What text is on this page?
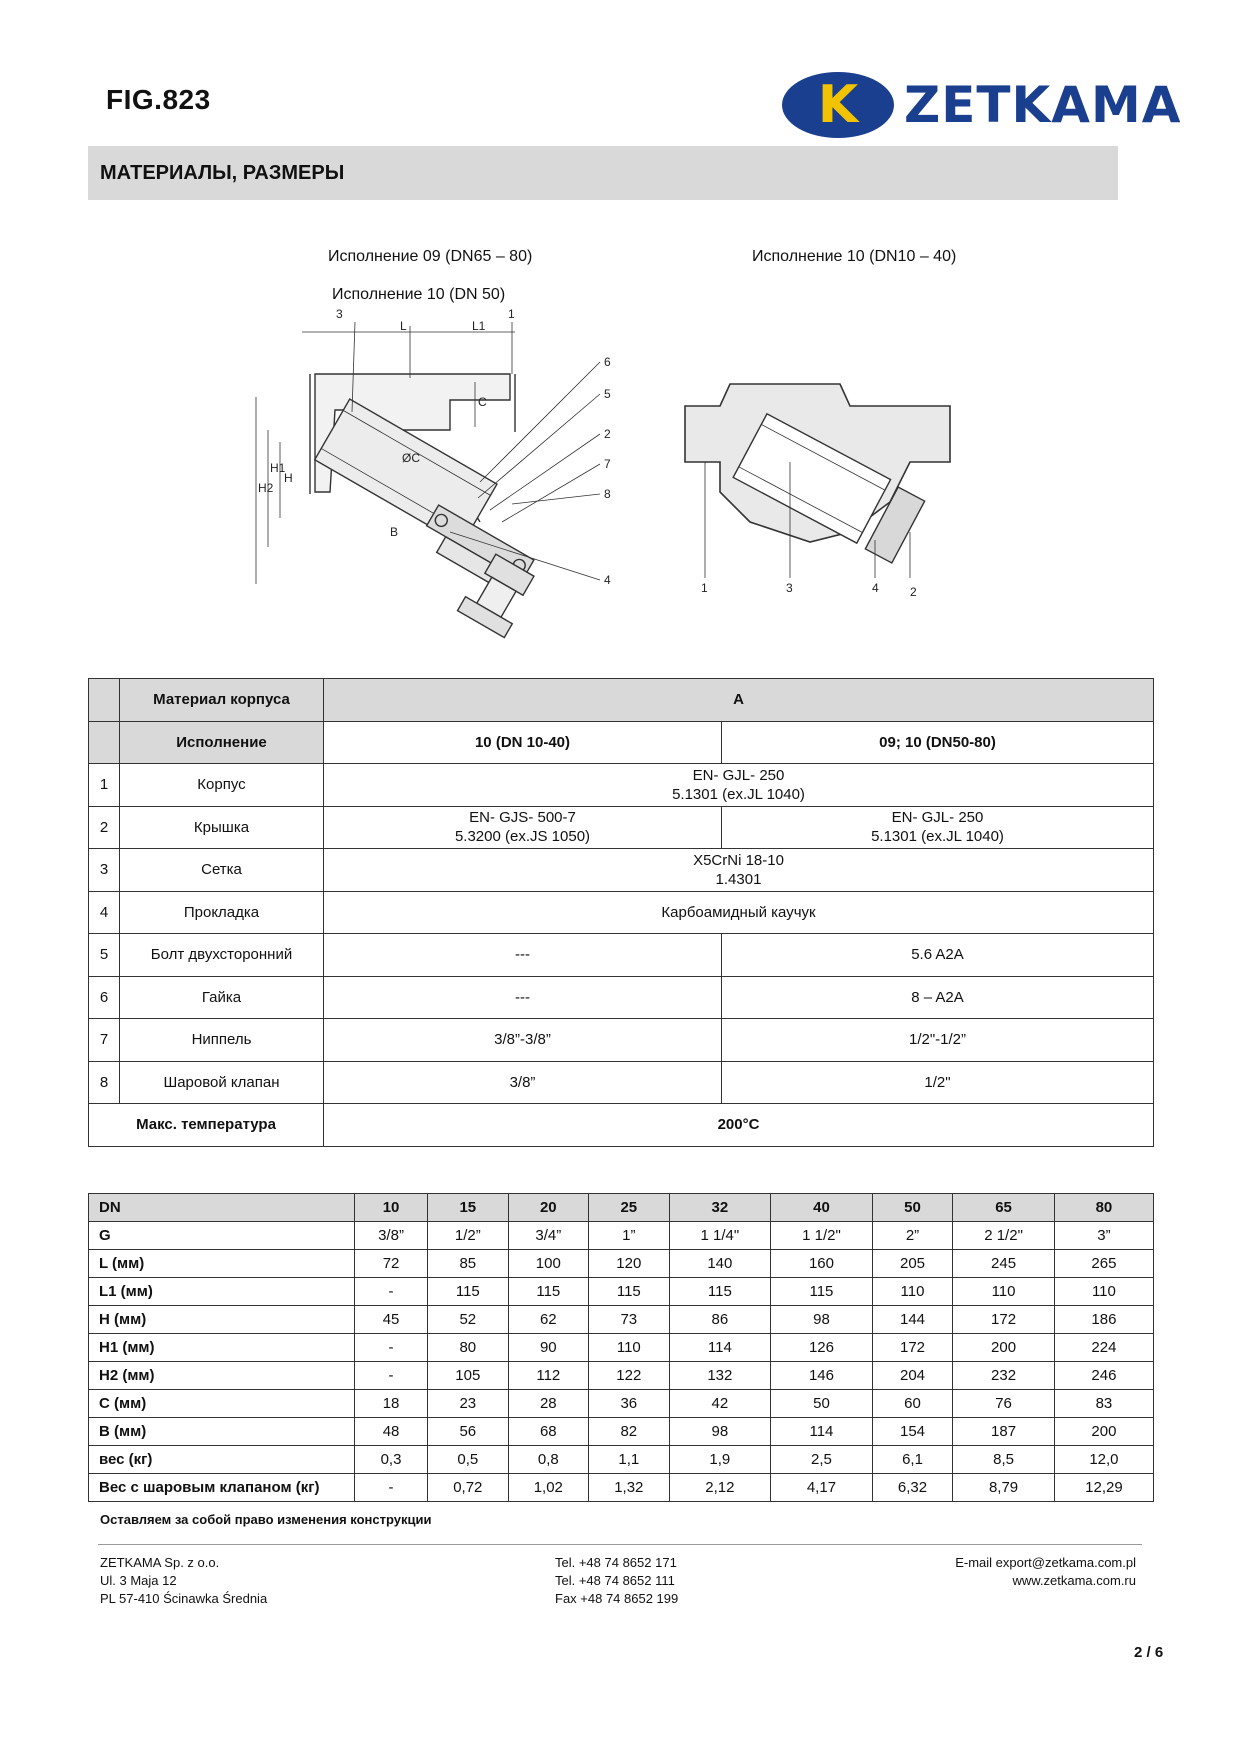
FIG.823	K ZETKAMA
МАТЕРИАЛЫ, РАЗМЕРЫ
Исполнение 09 (DN65 – 80)
Исполнение 10 (DN 50)
Исполнение 10 (DN10 – 40)
3	1
6
5
2
7
8
4
L	L1
C
H
H1
H2
B
ØC
1	3	4	2
	Материал корпуса	A	
	Исполнение	10 (DN 10-40)	09; 10 (DN50-80)
1	Корпус	EN- GJL- 250
5.1301 (ex.JL 1040)	
2	Крышка	EN- GJS- 500-7
5.3200 (ex.JS 1050)	EN- GJL- 250
5.1301 (ex.JL 1040)
3	Сетка	X5CrNi 18-10
1.4301	
4	Прокладка	Карбоамидный каучук	
5	Болт двухсторонний	---	5.6 A2A
6	Гайка	---	8 – A2A
7	Ниппель	3/8”-3/8”	1/2"-1/2”
8	Шаровой клапан	3/8”	1/2"
Макс. температура		200°C	
DN	10	15	20	25	32	40	50	65	80
G	3/8”	1/2”	3/4”	1”	1 1/4"	1 1/2"	2”	2 1/2"	3”
L (мм)	72	85	100	120	140	160	205	245	265
L1 (мм)	-	115	115	115	115	115	110	110	110
H (мм)	45	52	62	73	86	98	144	172	186
H1 (мм)	-	80	90	110	114	126	172	200	224
H2 (мм)	-	105	112	122	132	146	204	232	246
C (мм)	18	23	28	36	42	50	60	76	83
B (мм)	48	56	68	82	98	114	154	187	200
вес (кг)	0,3	0,5	0,8	1,1	1,9	2,5	6,1	8,5	12,0
Вес с шаровым клапаном (кг)	-	0,72	1,02	1,32	2,12	4,17	6,32	8,79	12,29
Оставляем за собой право изменения конструкции
ZETKAMA Sp. z o.o.
Ul. 3 Maja 12
PL 57-410 Ścinawka Średnia
Tel. +48 74 8652 171
Tel. +48 74 8652 111
Fax +48 74 8652 199
E-mail export@zetkama.com.pl
www.zetkama.com.ru
2 / 6
